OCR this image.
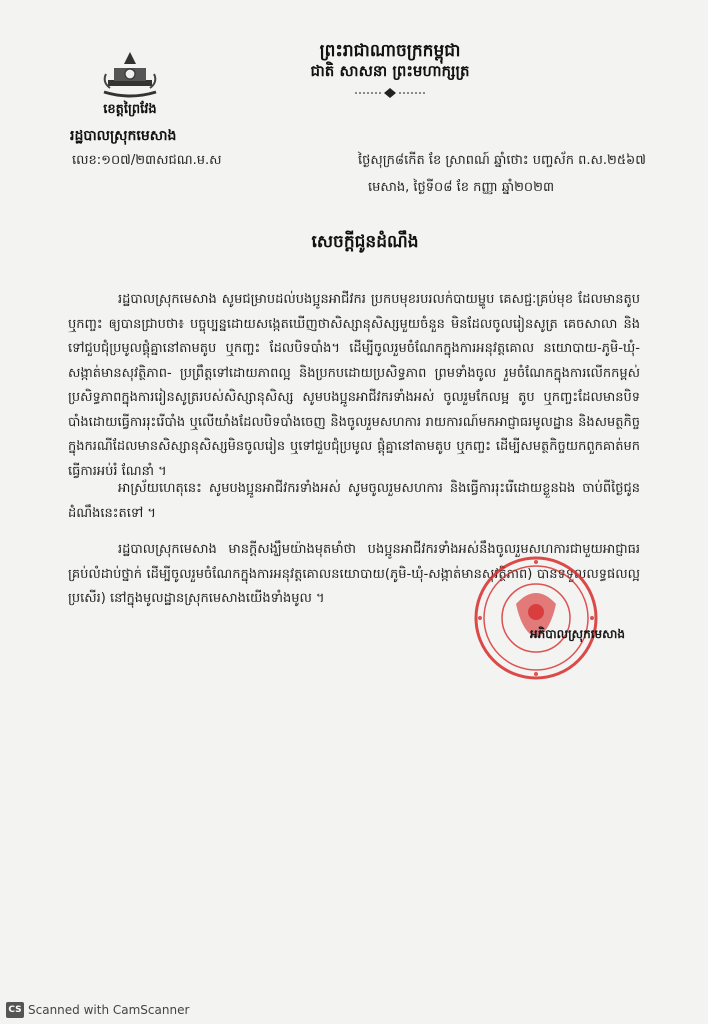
ខេត្តព្រៃវែង
រដ្ឋបាលស្រុកមេសាង
លេខ:១០៧/២៣សជណ.ម.ស
ព្រះរាជាណាចក្រកម្ពុជា
ជាតិ សាសនា ព្រះមហាក្សត្រ
ថ្ងៃសុក្រ៨កើត ខែ ស្រាពណ៍ ឆ្នាំថោះ បញ្ចស័ក ព.ស.២៥៦៧
មេសាង, ថ្ងៃទី០៨ ខែ កញ្ញា ឆ្នាំ២០២៣
សេចក្តីជូនដំណឹង

រដ្ឋបាលស្រុកមេសាង សូមជម្រាបដល់បងប្អូនអាជីវករ ប្រកបមុខរបរលក់បាយម្ហូប គេសជ្ជៈគ្រប់មុខ ដែលមានតូប ឬកញ្ចះ ឲ្យបានជ្រាបថា៖ បច្ចុប្បន្នដោយសង្កេតឃើញថាសិស្សានុសិស្សមួយចំនួន មិនដែលចូលរៀនសូត្រ គេចសាលា និងទៅជួបជុំប្រមូលផ្តុំគ្នានៅតាមតូប ឬកញ្ចះ ដែលបិទបាំង។ ដើម្បីចូលរួមចំណែកក្នុងការអនុវត្តគោល នយោបាយ-ភូមិ-ឃុំ-សង្កាត់មានសុវត្ថិភាព- ប្រព្រឹត្តទៅដោយភាពល្អ និងប្រកបដោយប្រសិទ្ធភាព ព្រមទាំងចូល រួមចំណែកក្នុងការលើកកម្ពស់ប្រសិទ្ធភាពក្នុងការរៀនសូត្ររបស់សិស្សានុសិស្ស សូមបងប្អូនអាជីវករទាំងអស់ ចូលរួមកែលម្អ តូប ឬកញ្ចះដែលមានបិទបាំងដោយធ្វើការរុះរើបាំង ឬលើយាំងដែលបិទបាំងចេញ និងចូលរួមសហការ រាយការណ៍មកអាជ្ញាធរមូលដ្ឋាន និងសមត្ថកិច្ច ក្នុងករណីដែលមានសិស្សានុសិស្សមិនចូលរៀន ឬទៅជួបជុំប្រមូល ផ្តុំគ្នានៅតាមតូប ឬកញ្ចះ ដើម្បីសមត្ថកិច្ចយកពួកគាត់មកធ្វើការអប់រំ ណែនាំ ។

អាស្រ័យហេតុនេះ សូមបងប្អូនអាជីវករទាំងអស់ សូមចូលរួមសហការ និងធ្វើការរុះរើដោយខ្លួនឯង ចាប់ពីថ្ងៃជូនដំណឹងនេះតទៅ ។

រដ្ឋបាលស្រុកមេសាង មានក្តីសង្ឃឹមយ៉ាងមុតមាំថា បងប្អូនអាជីវករទាំងអស់នឹងចូលរួមសហការជាមួយអាជ្ញាធរគ្រប់លំដាប់ថ្នាក់ ដើម្បីចូលរួមចំណែកក្នុងការអនុវត្តគោលនយោបាយ(ភូមិ-ឃុំ-សង្កាត់មានសុវត្ថិភាព) បានទទួលលទ្ធផលល្អប្រសើរ) នៅក្នុងមូលដ្ឋានស្រុកមេសាងយើងទាំងមូល ។

អភិបាលស្រុកមេសាង
CS Scanned with CamScanner
